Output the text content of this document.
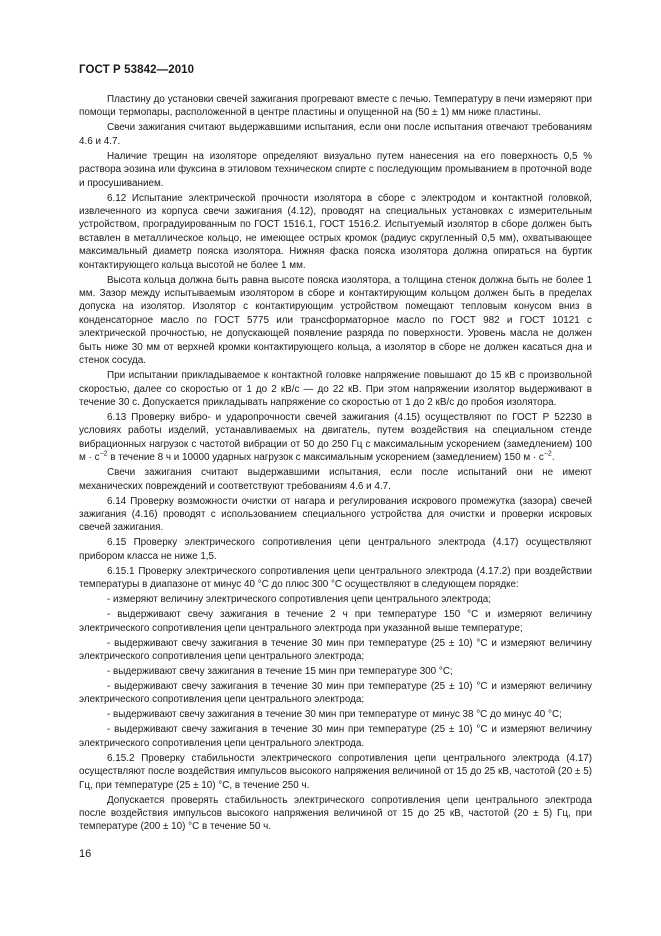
ГОСТ Р 53842—2010

Пластину до установки свечей зажигания прогревают вместе с печью. Температуру в печи измеряют при помощи термопары, расположенной в центре пластины и опущенной на (50 ± 1) мм ниже пластины.

Свечи зажигания считают выдержавшими испытания, если они после испытания отвечают требованиям 4.6 и 4.7.

Наличие трещин на изоляторе определяют визуально путем нанесения на его поверхность 0,5 % раствора эозина или фуксина в этиловом техническом спирте с последующим промыванием в проточной воде и просушиванием.

6.12 Испытание электрической прочности изолятора в сборе с электродом и контактной головкой, извлеченного из корпуса свечи зажигания (4.12), проводят на специальных установках с измерительным устройством, проградуированным по ГОСТ 1516.1, ГОСТ 1516.2. Испытуемый изолятор в сборе должен быть вставлен в металлическое кольцо, не имеющее острых кромок (радиус скругленный 0,5 мм), охватывающее максимальный диаметр пояска изолятора. Нижняя фаска пояска изолятора должна опираться на буртик контактирующего кольца высотой не более 1 мм.

Высота кольца должна быть равна высоте пояска изолятора, а толщина стенок должна быть не более 1 мм. Зазор между испытываемым изолятором в сборе и контактирующим кольцом должен быть в пределах допуска на изолятор. Изолятор с контактирующим устройством помещают тепловым конусом вниз в конденсаторное масло по ГОСТ 5775 или трансформаторное масло по ГОСТ 982 и ГОСТ 10121 с электрической прочностью, не допускающей появление разряда по поверхности. Уровень масла не должен быть ниже 30 мм от верхней кромки контактирующего кольца, а изолятор в сборе не должен касаться дна и стенок сосуда.

При испытании прикладываемое к контактной головке напряжение повышают до 15 кВ с произвольной скоростью, далее со скоростью от 1 до 2 кВ/с — до 22 кВ. При этом напряжении изолятор выдерживают в течение 30 с. Допускается прикладывать напряжение со скоростью от 1 до 2 кВ/с до пробоя изолятора.

6.13 Проверку вибро- и ударопрочности свечей зажигания (4.15) осуществляют по ГОСТ Р 52230 в условиях работы изделий, устанавливаемых на двигатель, путем воздействия на специальном стенде вибрационных нагрузок с частотой вибрации от 50 до 250 Гц с максимальным ускорением (замедлением) 100 $м \cdot с^{-2}$ в течение 8 ч и 10000 ударных нагрузок с максимальным ускорением (замедлением) 150 $м \cdot с^{-2}$.

Свечи зажигания считают выдержавшими испытания, если после испытаний они не имеют механических повреждений и соответствуют требованиям 4.6 и 4.7.

6.14 Проверку возможности очистки от нагара и регулирования искрового промежутка (зазора) свечей зажигания (4.16) проводят с использованием специального устройства для очистки и проверки искровых свечей зажигания.

6.15 Проверку электрического сопротивления цепи центрального электрода (4.17) осуществляют прибором класса не ниже 1,5.

6.15.1 Проверку электрического сопротивления цепи центрального электрода (4.17.2) при воздействии температуры в диапазоне от минус 40 °С до плюс 300 °С осуществляют в следующем порядке:

- измеряют величину электрического сопротивления цепи центрального электрода;

- выдерживают свечу зажигания в течение 2 ч при температуре 150 °С и измеряют величину электрического сопротивления цепи центрального электрода при указанной выше температуре;

- выдерживают свечу зажигания в течение 30 мин при температуре (25 ± 10) °С и измеряют величину электрического сопротивления цепи центрального электрода;

- выдерживают свечу зажигания в течение 15 мин при температуре 300 °С;

- выдерживают свечу зажигания в течение 30 мин при температуре (25 ± 10) °С и измеряют величину электрического сопротивления цепи центрального электрода;

- выдерживают свечу зажигания в течение 30 мин при температуре от минус 38 °С до минус 40 °С;

- выдерживают свечу зажигания в течение 30 мин при температуре (25 ± 10) °С и измеряют величину электрического сопротивления цепи центрального электрода.

6.15.2 Проверку стабильности электрического сопротивления цепи центрального электрода (4.17) осуществляют после воздействия импульсов высокого напряжения величиной от 15 до 25 кВ, частотой (20 ± 5) Гц, при температуре (25 ± 10) °С, в течение 250 ч.

Допускается проверять стабильность электрического сопротивления цепи центрального электрода после воздействия импульсов высокого напряжения величиной от 15 до 25 кВ, частотой (20 ± 5) Гц, при температуре (200 ± 10) °С в течение 50 ч.

16
